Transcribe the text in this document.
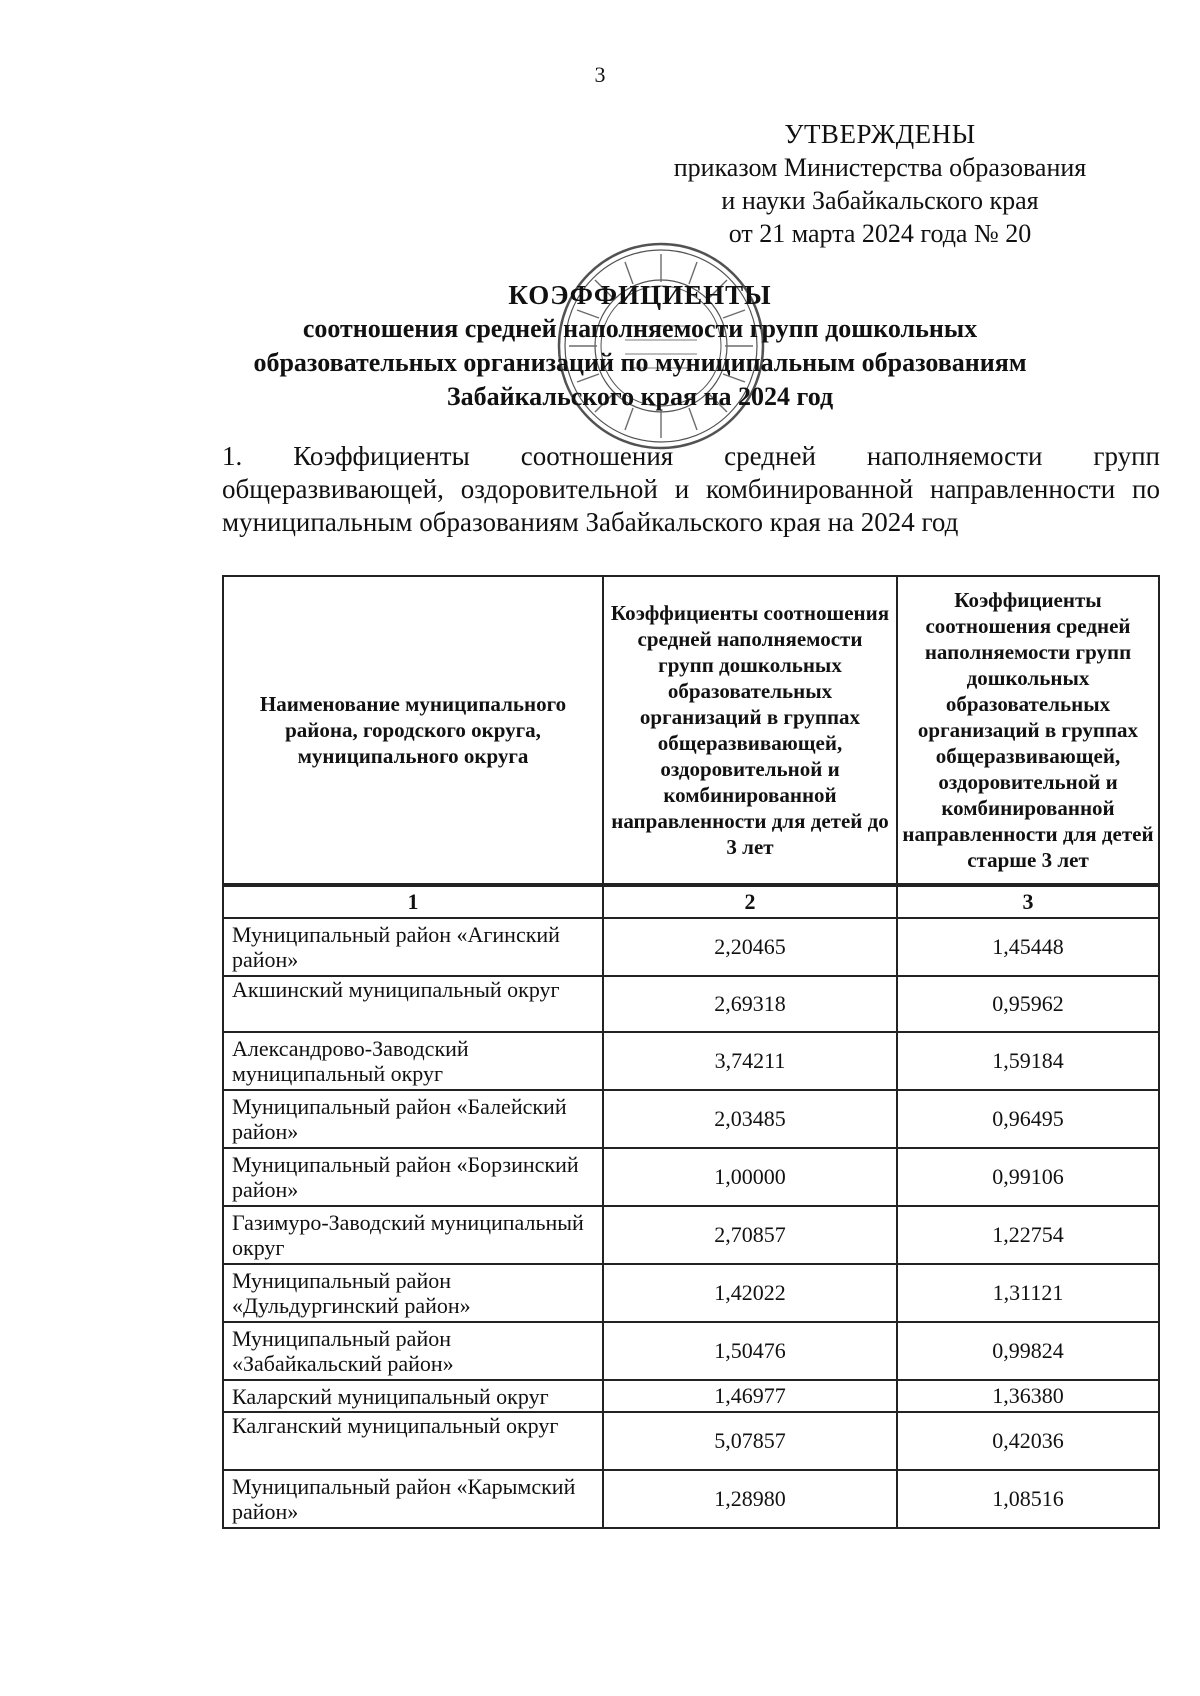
3
УТВЕРЖДЕНЫ
приказом Министерства образования
и науки Забайкальского края
от 21 марта 2024 года № 20
КОЭФФИЦИЕНТЫ
соотношения средней наполняемости групп дошкольных
образовательных организаций по муниципальным образованиям
Забайкальского края на 2024 год
1. Коэффициенты соотношения средней наполняемости групп общеразвивающей, оздоровительной и комбинированной направленности по муниципальным образованиям Забайкальского края на 2024 год
Наименование муниципального района, городского округа, муниципального округа	Коэффициенты соотношения средней наполняемости групп дошкольных образовательных организаций в группах общеразвивающей, оздоровительной и комбинированной направленности для детей до 3 лет	Коэффициенты соотношения средней наполняемости групп дошкольных образовательных организаций в группах общеразвивающей, оздоровительной и комбинированной направленности для детей старше 3 лет
1	2	3
Муниципальный район «Агинский район»	2,20465	1,45448
Акшинский муниципальный округ	2,69318	0,95962
Александрово-Заводский муниципальный округ	3,74211	1,59184
Муниципальный район «Балейский район»	2,03485	0,96495
Муниципальный район «Борзинский район»	1,00000	0,99106
Газимуро-Заводский муниципальный округ	2,70857	1,22754
Муниципальный район «Дульдургинский район»	1,42022	1,31121
Муниципальный район «Забайкальский район»	1,50476	0,99824
Каларский муниципальный округ	1,46977	1,36380
Калганский муниципальный округ	5,07857	0,42036
Муниципальный район «Карымский район»	1,28980	1,08516
